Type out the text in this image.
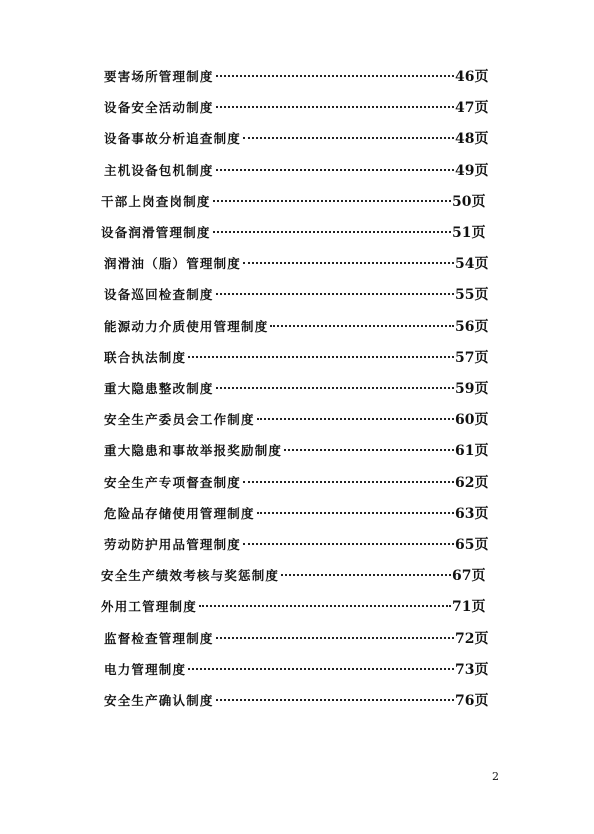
要害场所管理制度	46页
设备安全活动制度	47页
设备事故分析追查制度	48页
主机设备包机制度	49页
干部上岗查岗制度	50页
设备润滑管理制度	51页
润滑油（脂）管理制度	54页
设备巡回检查制度	55页
能源动力介质使用管理制度	56页
联合执法制度	57页
重大隐患整改制度	59页
安全生产委员会工作制度	60页
重大隐患和事故举报奖励制度	61页
安全生产专项督查制度	62页
危险品存储使用管理制度	63页
劳动防护用品管理制度	65页
安全生产绩效考核与奖惩制度	67页
外用工管理制度	71页
监督检查管理制度	72页
电力管理制度	73页
安全生产确认制度	76页
2
